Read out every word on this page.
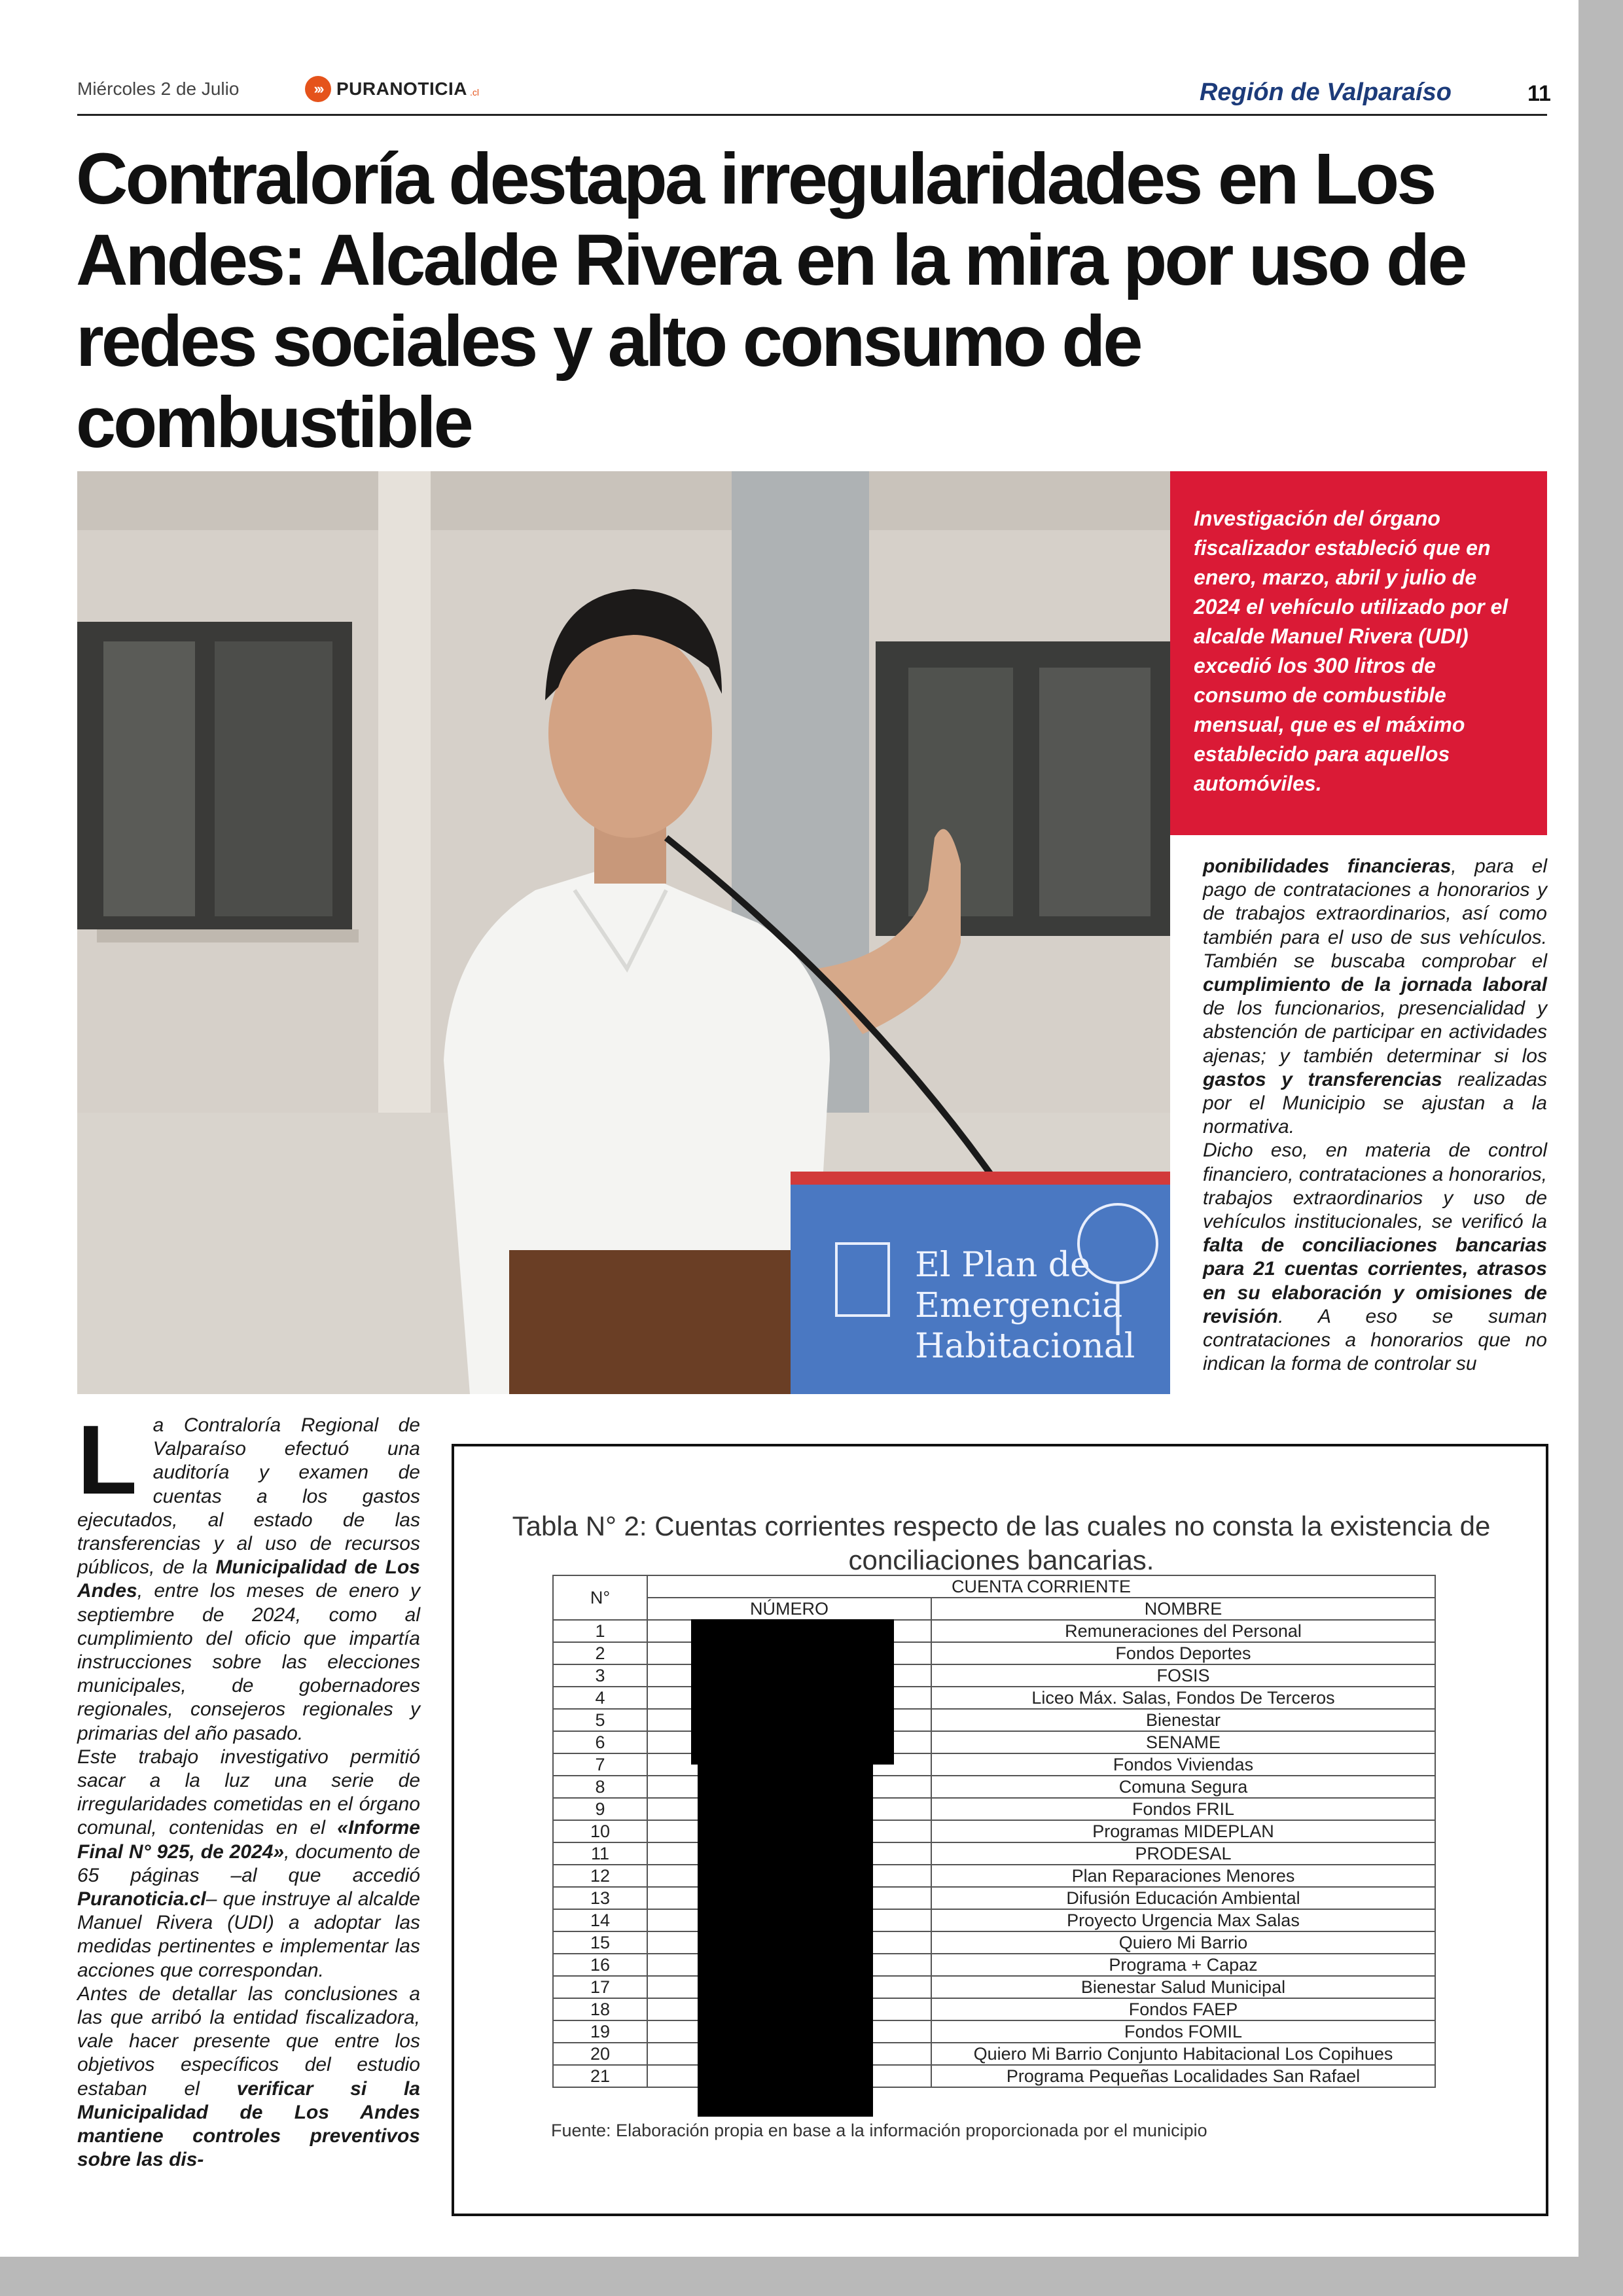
Miércoles 2 de Julio	››› PURANOTICIA .cl	Región de Valparaíso	11
Contraloría destapa irregularidades en Los Andes: Alcalde Rivera en la mira por uso de redes sociales y alto consumo de combustible
El Plan de
Emergencia
Habitacional

Investigación del órgano fiscalizador estableció que en enero, marzo, abril y julio de 2024 el vehículo utilizado por el alcalde Manuel Rivera (UDI) excedió los 300 litros de consumo de combustible mensual, que es el máximo establecido para aquellos automóviles.

ponibilidades financieras, para el pago de contrataciones a honorarios y de trabajos extraordinarios, así como también para el uso de sus vehículos. También se buscaba comprobar el cumplimiento de la jornada laboral de los funcionarios, presencialidad y abstención de participar en actividades ajenas; y también determinar si los gastos y transferencias realizadas por el Municipio se ajustan a la normativa.

Dicho eso, en materia de control financiero, contrataciones a honorarios, trabajos extraordinarios y uso de vehículos institucionales, se verificó la falta de conciliaciones bancarias para 21 cuentas corrientes, atrasos en su elaboración y omisiones de revisión. A eso se suman contrataciones a honorarios que no indican la forma de controlar su

La Contraloría Regional de Valparaíso efectuó una auditoría y examen de cuentas a los gastos ejecutados, al estado de las transferencias y al uso de recursos públicos, de la Municipalidad de Los Andes, entre los meses de enero y septiembre de 2024, como al cumplimiento del oficio que impartía instrucciones sobre las elecciones municipales, de gobernadores regionales, consejeros regionales y primarias del año pasado.

Este trabajo investigativo permitió sacar a la luz una serie de irregularidades cometidas en el órgano comunal, contenidas en el «Informe Final N° 925, de 2024», documento de 65 páginas –al que accedió Puranoticia.cl– que instruye al alcalde Manuel Rivera (UDI) a adoptar las medidas pertinentes e implementar las acciones que correspondan.

Antes de detallar las conclusiones a las que arribó la entidad fiscalizadora, vale hacer presente que entre los objetivos específicos del estudio estaban el verificar si la Municipalidad de Los Andes mantiene controles preventivos sobre las dis-

Tabla N° 2: Cuentas corrientes respecto de las cuales no consta la existencia de conciliaciones bancarias.

N°	CUENTA CORRIENTE	
	NÚMERO	NOMBRE
1		Remuneraciones del Personal
2		Fondos Deportes
3		FOSIS
4		Liceo Máx. Salas, Fondos De Terceros
5		Bienestar
6		SENAME
7		Fondos Viviendas
8		Comuna Segura
9		Fondos FRIL
10		Programas MIDEPLAN
11		PRODESAL
12		Plan Reparaciones Menores
13		Difusión Educación Ambiental
14		Proyecto Urgencia Max Salas
15		Quiero Mi Barrio
16		Programa + Capaz
17		Bienestar Salud Municipal
18		Fondos FAEP
19		Fondos FOMIL
20		Quiero Mi Barrio Conjunto Habitacional Los Copihues
21		Programa Pequeñas Localidades San Rafael

Fuente: Elaboración propia en base a la información proporcionada por el municipio
